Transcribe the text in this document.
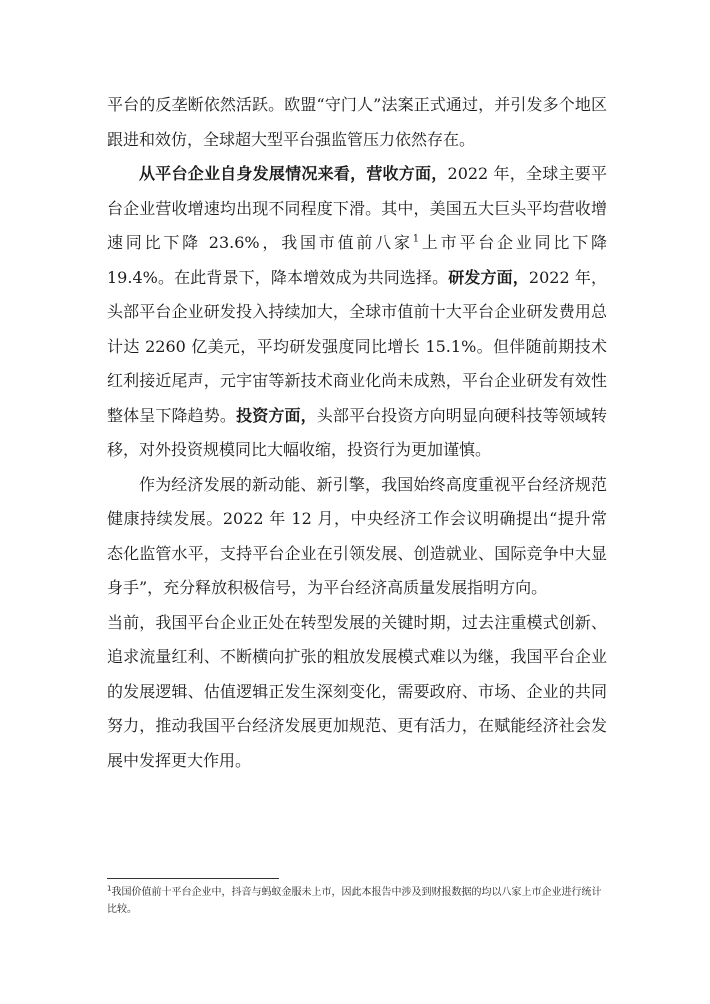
平台的反垄断依然活跃。欧盟“守门人”法案正式通过，并引发多个地区跟进和效仿，全球超大型平台强监管压力依然存在。

从平台企业自身发展情况来看，营收方面，2022 年，全球主要平台企业营收增速均出现不同程度下滑。其中，美国五大巨头平均营收增速同比下降 23.6%，我国市值前八家$^1$上市平台企业同比下降 19.4%。在此背景下，降本增效成为共同选择。研发方面，2022 年，头部平台企业研发投入持续加大，全球市值前十大平台企业研发费用总计达 2260 亿美元，平均研发强度同比增长 15.1%。但伴随前期技术红利接近尾声，元宇宙等新技术商业化尚未成熟，平台企业研发有效性整体呈下降趋势。投资方面，头部平台投资方向明显向硬科技等领域转移，对外投资规模同比大幅收缩，投资行为更加谨慎。

作为经济发展的新动能、新引擎，我国始终高度重视平台经济规范健康持续发展。2022 年 12 月，中央经济工作会议明确提出“提升常态化监管水平，支持平台企业在引领发展、创造就业、国际竞争中大显身手”，充分释放积极信号，为平台经济高质量发展指明方向。

当前，我国平台企业正处在转型发展的关键时期，过去注重模式创新、追求流量红利、不断横向扩张的粗放发展模式难以为继，我国平台企业的发展逻辑、估值逻辑正发生深刻变化，需要政府、市场、企业的共同努力，推动我国平台经济发展更加规范、更有活力，在赋能经济社会发展中发挥更大作用。

$^1$我国价值前十平台企业中，抖音与蚂蚁金服未上市，因此本报告中涉及到财报数据的均以八家上市企业进行统计比较。
